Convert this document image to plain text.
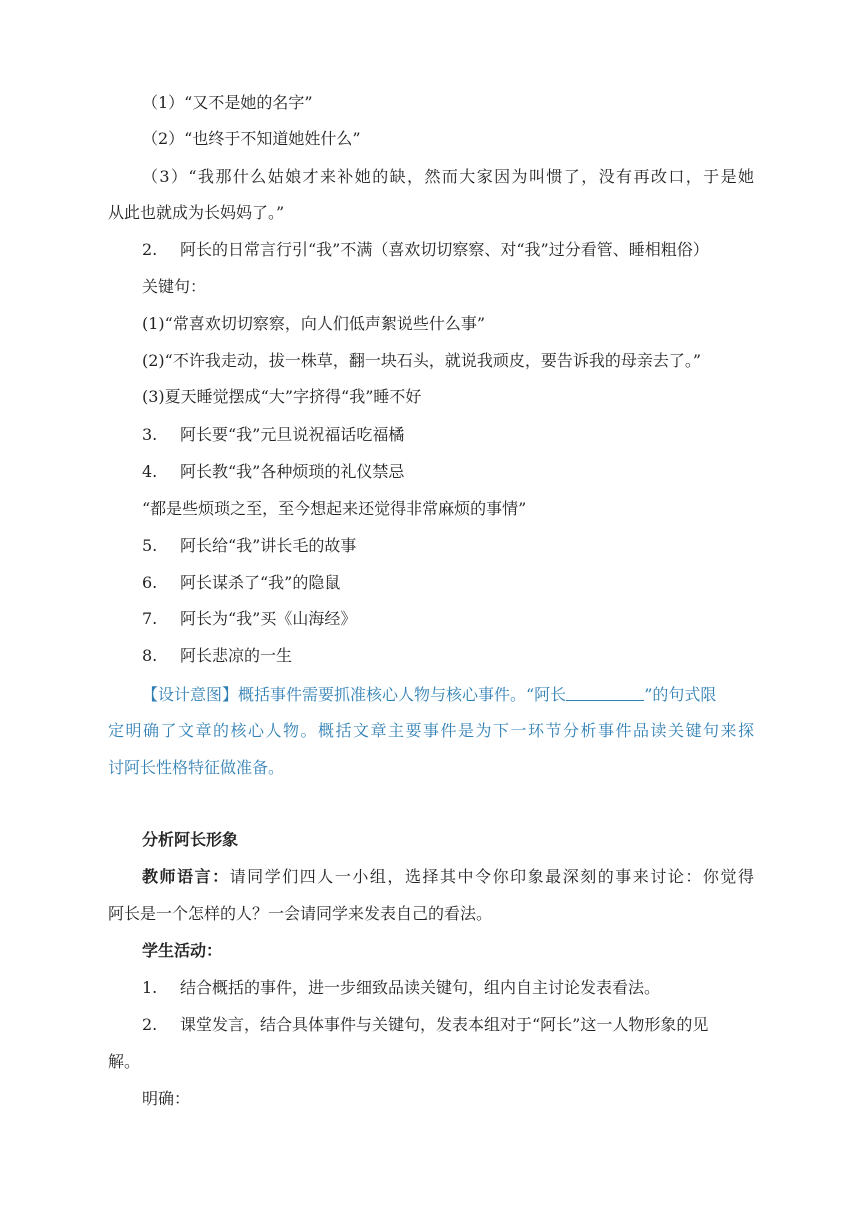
（1）“又不是她的名字”
（2）“也终于不知道她姓什么”
（3）“我那什么姑娘才来补她的缺，然而大家因为叫惯了，没有再改口，于是她
从此也就成为长妈妈了。”
2. 阿长的日常言行引“我”不满（喜欢切切察察、对“我”过分看管、睡相粗俗）
关键句：
(1)“常喜欢切切察察，向人们低声絮说些什么事”
(2)“不许我走动，拔一株草，翻一块石头，就说我顽皮，要告诉我的母亲去了。”
(3)夏天睡觉摆成“大”字挤得“我”睡不好
3. 阿长要“我”元旦说祝福话吃福橘
4. 阿长教“我”各种烦琐的礼仪禁忌
“都是些烦琐之至，至今想起来还觉得非常麻烦的事情”
5. 阿长给“我”讲长毛的故事
6. 阿长谋杀了“我”的隐鼠
7. 阿长为“我”买《山海经》
8. 阿长悲凉的一生
【设计意图】概括事件需要抓准核心人物与核心事件。“阿长	”的句式限
定明确了文章的核心人物。概括文章主要事件是为下一环节分析事件品读关键句来探
讨阿长性格特征做准备。
分析阿长形象
教师语言：请同学们四人一小组，选择其中令你印象最深刻的事来讨论：你觉得
阿长是一个怎样的人？一会请同学来发表自己的看法。
学生活动：
1. 结合概括的事件，进一步细致品读关键句，组内自主讨论发表看法。
2. 课堂发言，结合具体事件与关键句，发表本组对于“阿长”这一人物形象的见
解。
明确：
